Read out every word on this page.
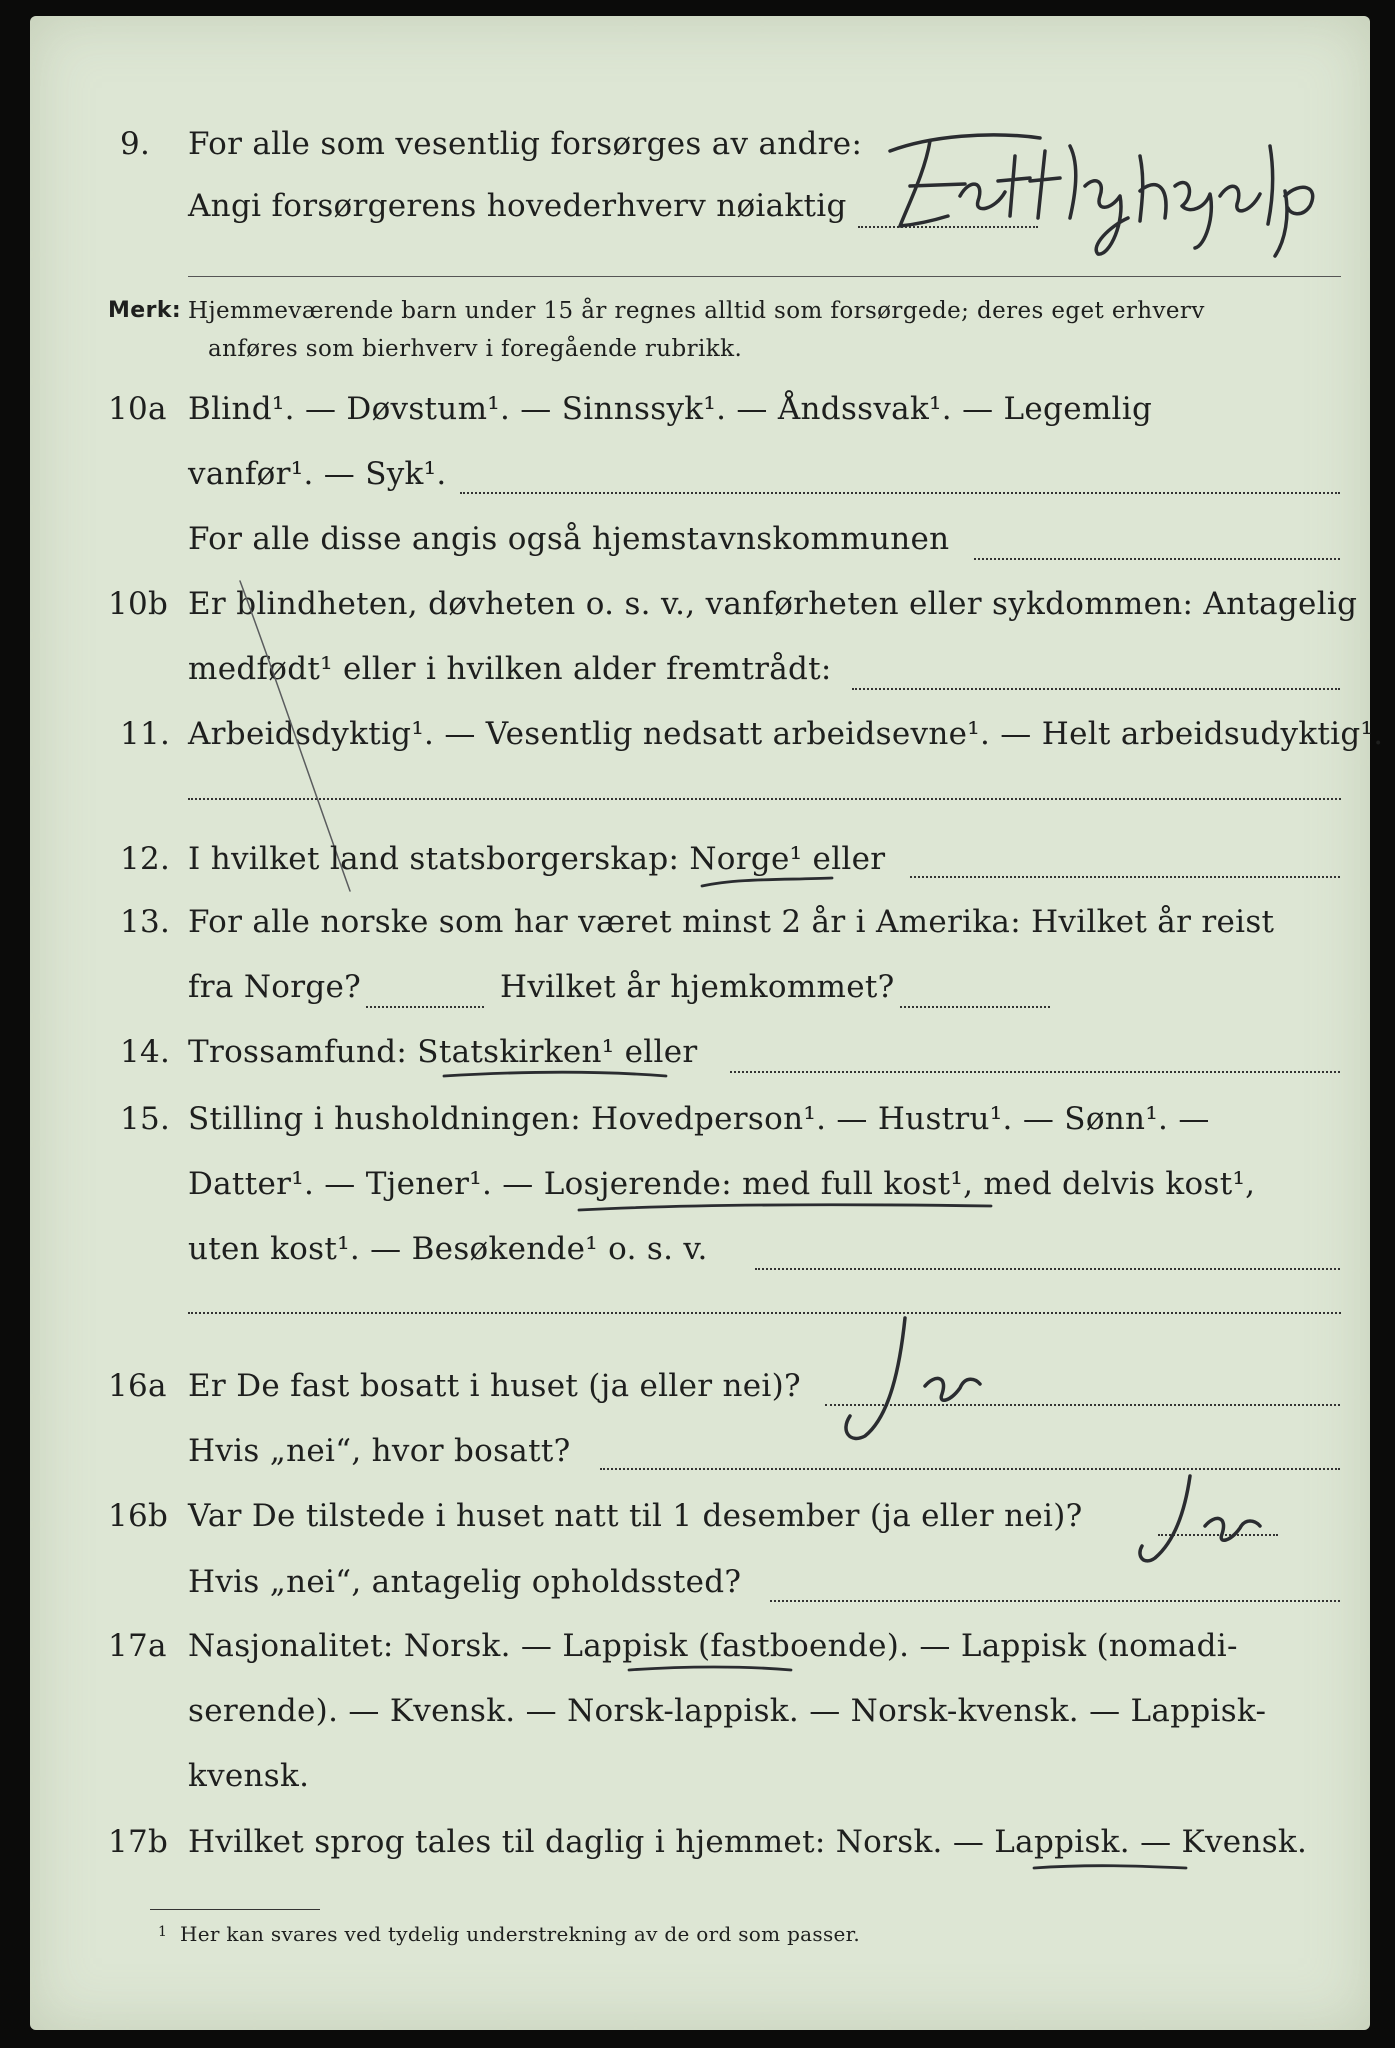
9.	For alle som vesentlig forsørges av andre:
Angi forsørgerens hovederhverv nøiaktig
Merk: Hjemmeværende barn under 15 år regnes alltid som forsørgede; deres eget erhverv
anføres som bierhverv i foregående rubrikk.
10a Blind¹. — Døvstum¹. — Sinnssyk¹. — Åndssvak¹. — Legemlig
vanfør¹. — Syk¹.
For alle disse angis også hjemstavnskommunen
10b Er blindheten, døvheten o. s. v., vanførheten eller sykdommen: Antagelig
medfødt¹ eller i hvilken alder fremtrådt:
11. Arbeidsdyktig¹. — Vesentlig nedsatt arbeidsevne¹. — Helt arbeidsudyktig¹.
12. I hvilket land statsborgerskap: Norge¹ eller
13. For alle norske som har været minst 2 år i Amerika: Hvilket år reist
fra Norge?	Hvilket år hjemkommet?
14. Trossamfund: Statskirken¹ eller
15. Stilling i husholdningen: Hovedperson¹. — Hustru¹. — Sønn¹. —
Datter¹. — Tjener¹. — Losjerende: med full kost¹, med delvis kost¹,
uten kost¹. — Besøkende¹ o. s. v.
16a Er De fast bosatt i huset (ja eller nei)?
Hvis „nei“, hvor bosatt?
16b Var De tilstede i huset natt til 1 desember (ja eller nei)?
Hvis „nei“, antagelig opholdssted?
17a Nasjonalitet: Norsk. — Lappisk (fastboende). — Lappisk (nomadi-
serende). — Kvensk. — Norsk-lappisk. — Norsk-kvensk. — Lappisk-
kvensk.
17b Hvilket sprog tales til daglig i hjemmet: Norsk. — Lappisk. — Kvensk.
1 Her kan svares ved tydelig understrekning av de ord som passer.
